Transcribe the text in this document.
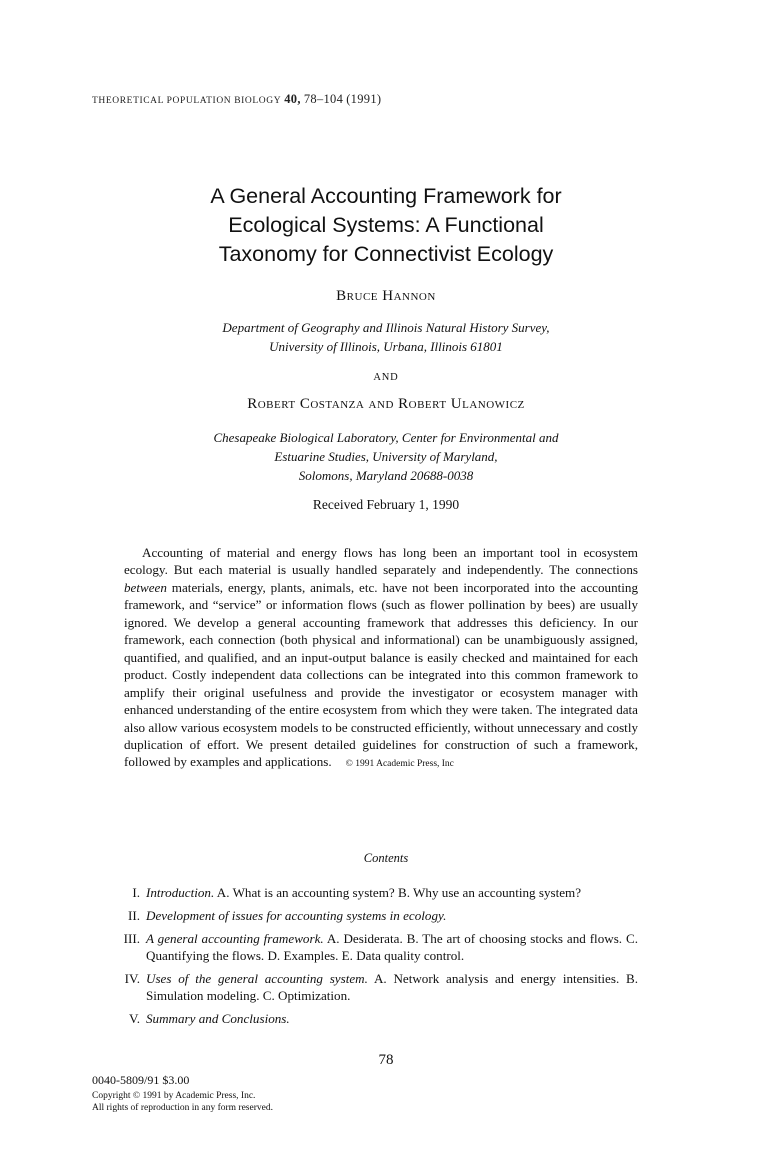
THEORETICAL POPULATION BIOLOGY 40, 78–104 (1991)
A General Accounting Framework for
Ecological Systems: A Functional
Taxonomy for Connectivist Ecology
Bruce Hannon
Department of Geography and Illinois Natural History Survey,
University of Illinois, Urbana, Illinois 61801
AND
Robert Costanza and Robert Ulanowicz
Chesapeake Biological Laboratory, Center for Environmental and
Estuarine Studies, University of Maryland,
Solomons, Maryland 20688-0038
Received February 1, 1990
Accounting of material and energy flows has long been an important tool in ecosystem ecology. But each material is usually handled separately and independently. The connections between materials, energy, plants, animals, etc. have not been incorporated into the accounting framework, and “service” or information flows (such as flower pollination by bees) are usually ignored. We develop a general accounting framework that addresses this deficiency. In our framework, each connection (both physical and informational) can be unambiguously assigned, quantified, and qualified, and an input-output balance is easily checked and maintained for each product. Costly independent data collections can be integrated into this common framework to amplify their original usefulness and provide the investigator or ecosystem manager with enhanced understanding of the entire ecosystem from which they were taken. The integrated data also allow various ecosystem models to be constructed efficiently, without unnecessary and costly duplication of effort. We present detailed guidelines for construction of such a framework, followed by examples and applications. © 1991 Academic Press, Inc
Contents
I. Introduction. A. What is an accounting system? B. Why use an accounting system?
II. Development of issues for accounting systems in ecology.
III. A general accounting framework. A. Desiderata. B. The art of choosing stocks and flows. C. Quantifying the flows. D. Examples. E. Data quality control.
IV. Uses of the general accounting system. A. Network analysis and energy intensities. B. Simulation modeling. C. Optimization.
V. Summary and Conclusions.
78
0040-5809/91 $3.00
Copyright © 1991 by Academic Press, Inc.
All rights of reproduction in any form reserved.
